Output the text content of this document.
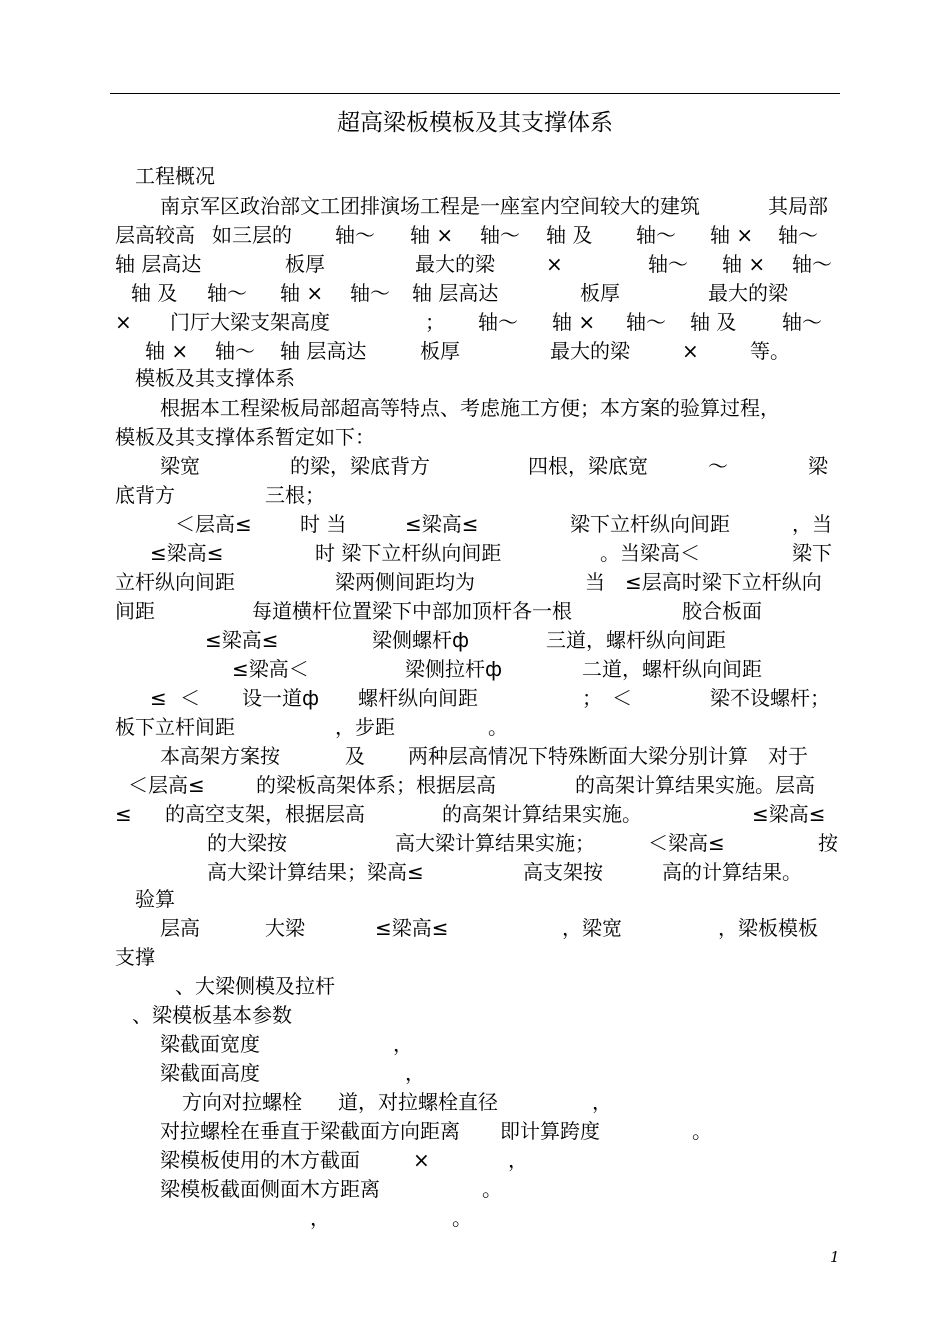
超高梁板模板及其支撑体系
工程概况
南京军区政治部文工团排演场工程是一座室内空间较大的建筑	其局部
层高较高 如三层的 轴～ 轴 × 轴～ 轴 及 轴～ 轴 × 轴～
轴 层高达	板厚	最大的梁	×	轴～ 轴 × 轴～
轴 及 轴～ 轴 × 轴～ 轴 层高达	板厚	最大的梁
× 门厅大梁支架高度	； 轴～ 轴 × 轴～ 轴 及 轴～
轴 × 轴～ 轴 层高达	板厚	最大的梁	×	等。
模板及其支撑体系
根据本工程梁板局部超高等特点、考虑施工方便；本方案的验算过程，
模板及其支撑体系暂定如下：
梁宽	的梁，梁底背方	四根，梁底宽	～	梁
底背方	三根；
＜层高≤ 时 当	≤梁高≤	梁下立杆纵向间距	，当
≤梁高≤	时 梁下立杆纵向间距	。当梁高＜	梁下
立杆纵向间距	梁两侧间距均为	当 ≤层高时梁下立杆纵向
间距	每道横杆位置梁下中部加顶杆各一根	胶合板面
≤梁高≤	梁侧螺杆ф	三道，螺杆纵向间距
≤梁高＜	梁侧拉杆ф	二道，螺杆纵向间距
≤ ＜ 设一道ф 螺杆纵向间距	； ＜	梁不设螺杆；
板下立杆间距	，步距	。
本高架方案按	及 两种层高情况下特殊断面大梁分别计算 对于
＜层高≤	的梁板高架体系；根据层高	的高架计算结果实施。层高
≤ 的高空支架，根据层高	的高架计算结果实施。	≤梁高≤
的大梁按	高大梁计算结果实施；	＜梁高≤	按
高大梁计算结果；梁高≤	高支架按	高的计算结果。
验算
层高	大梁	≤梁高≤	，梁宽	，梁板模板
支撑
、大梁侧模及拉杆
、梁模板基本参数
梁截面宽度	，
梁截面高度	，
方向对拉螺栓 道，对拉螺栓直径	，
对拉螺栓在垂直于梁截面方向距离 即计算跨度	。
梁模板使用的木方截面	×	，
梁模板截面侧面木方距离	。
，	。
1
